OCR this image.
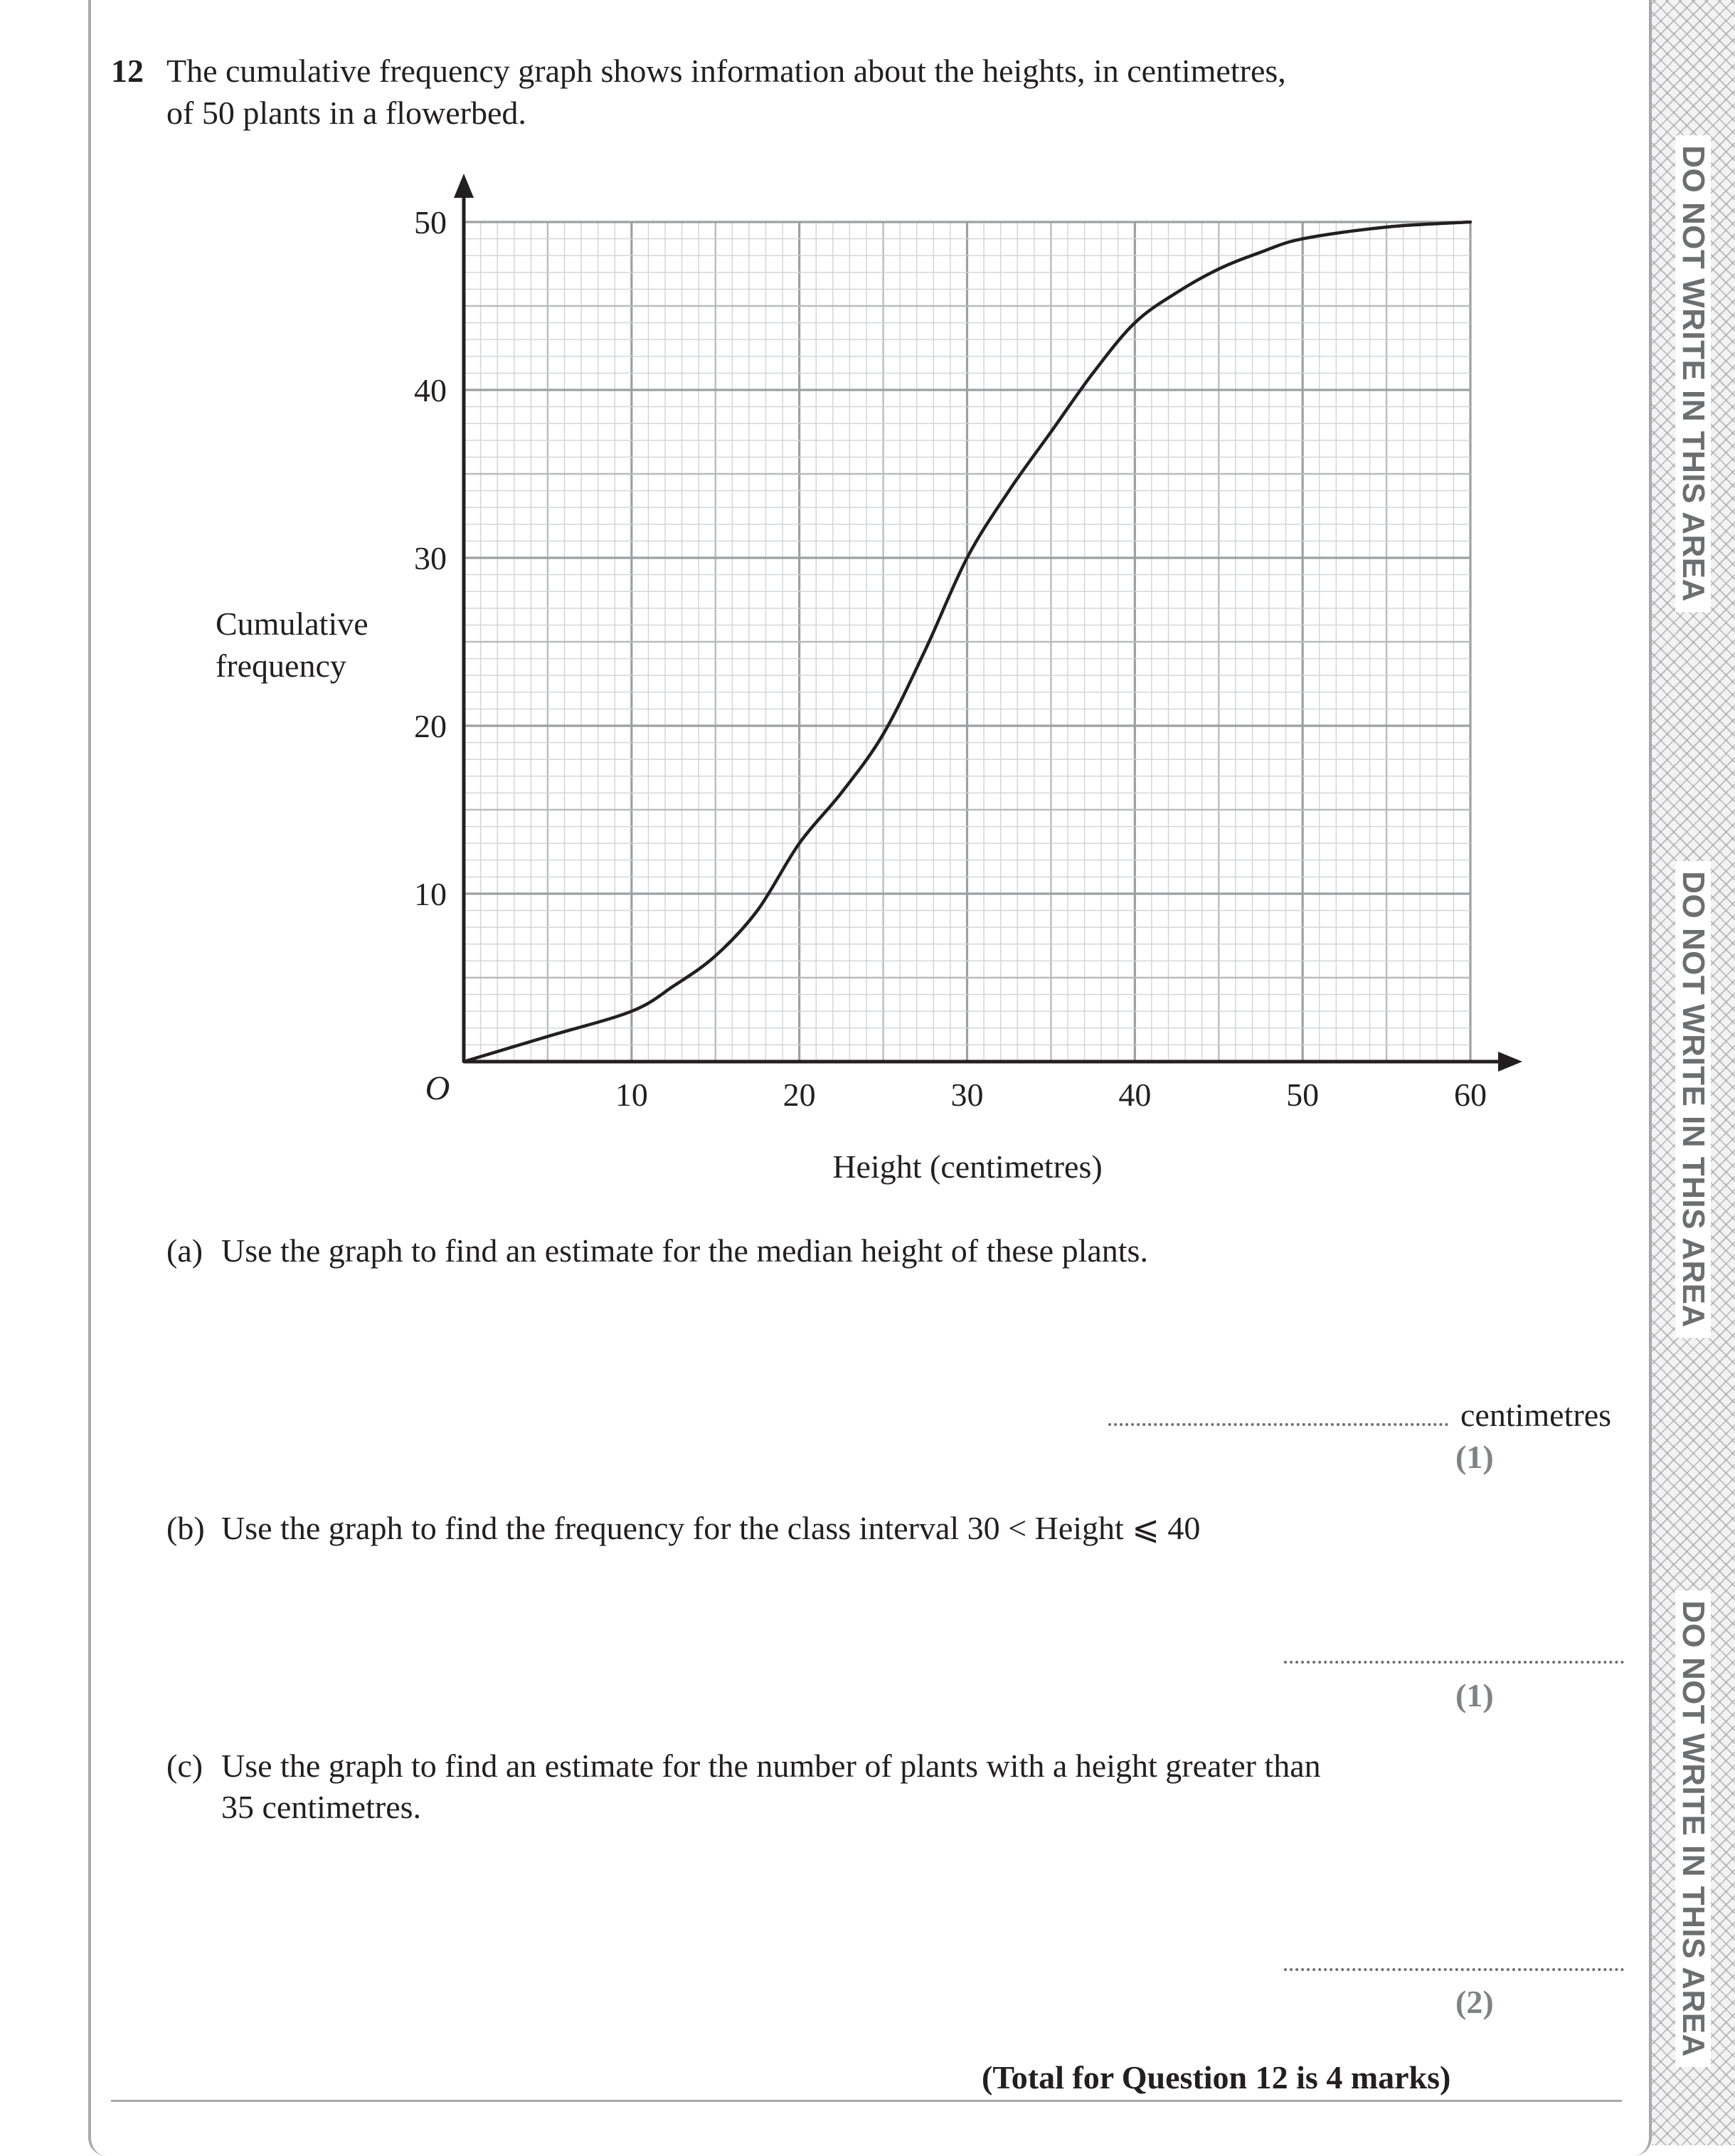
DO NOT WRITE IN THIS AREA
DO NOT WRITE IN THIS AREA
DO NOT WRITE IN THIS AREA
12 The cumulative frequency graph shows information about the heights, in centimetres,
of 50 plants in a flowerbed.
10	20	30	40	50	60
10
20
30
40
50
O
Cumulative
frequency
Height (centimetres)
(a) Use the graph to find an estimate for the median height of these plants.
centimetres
(1)
(b) Use the graph to find the frequency for the class interval 30 < Height ⩽ 40
(1)
(c) Use the graph to find an estimate for the number of plants with a height greater than
35 centimetres.
(2)
(Total for Question 12 is 4 marks)
